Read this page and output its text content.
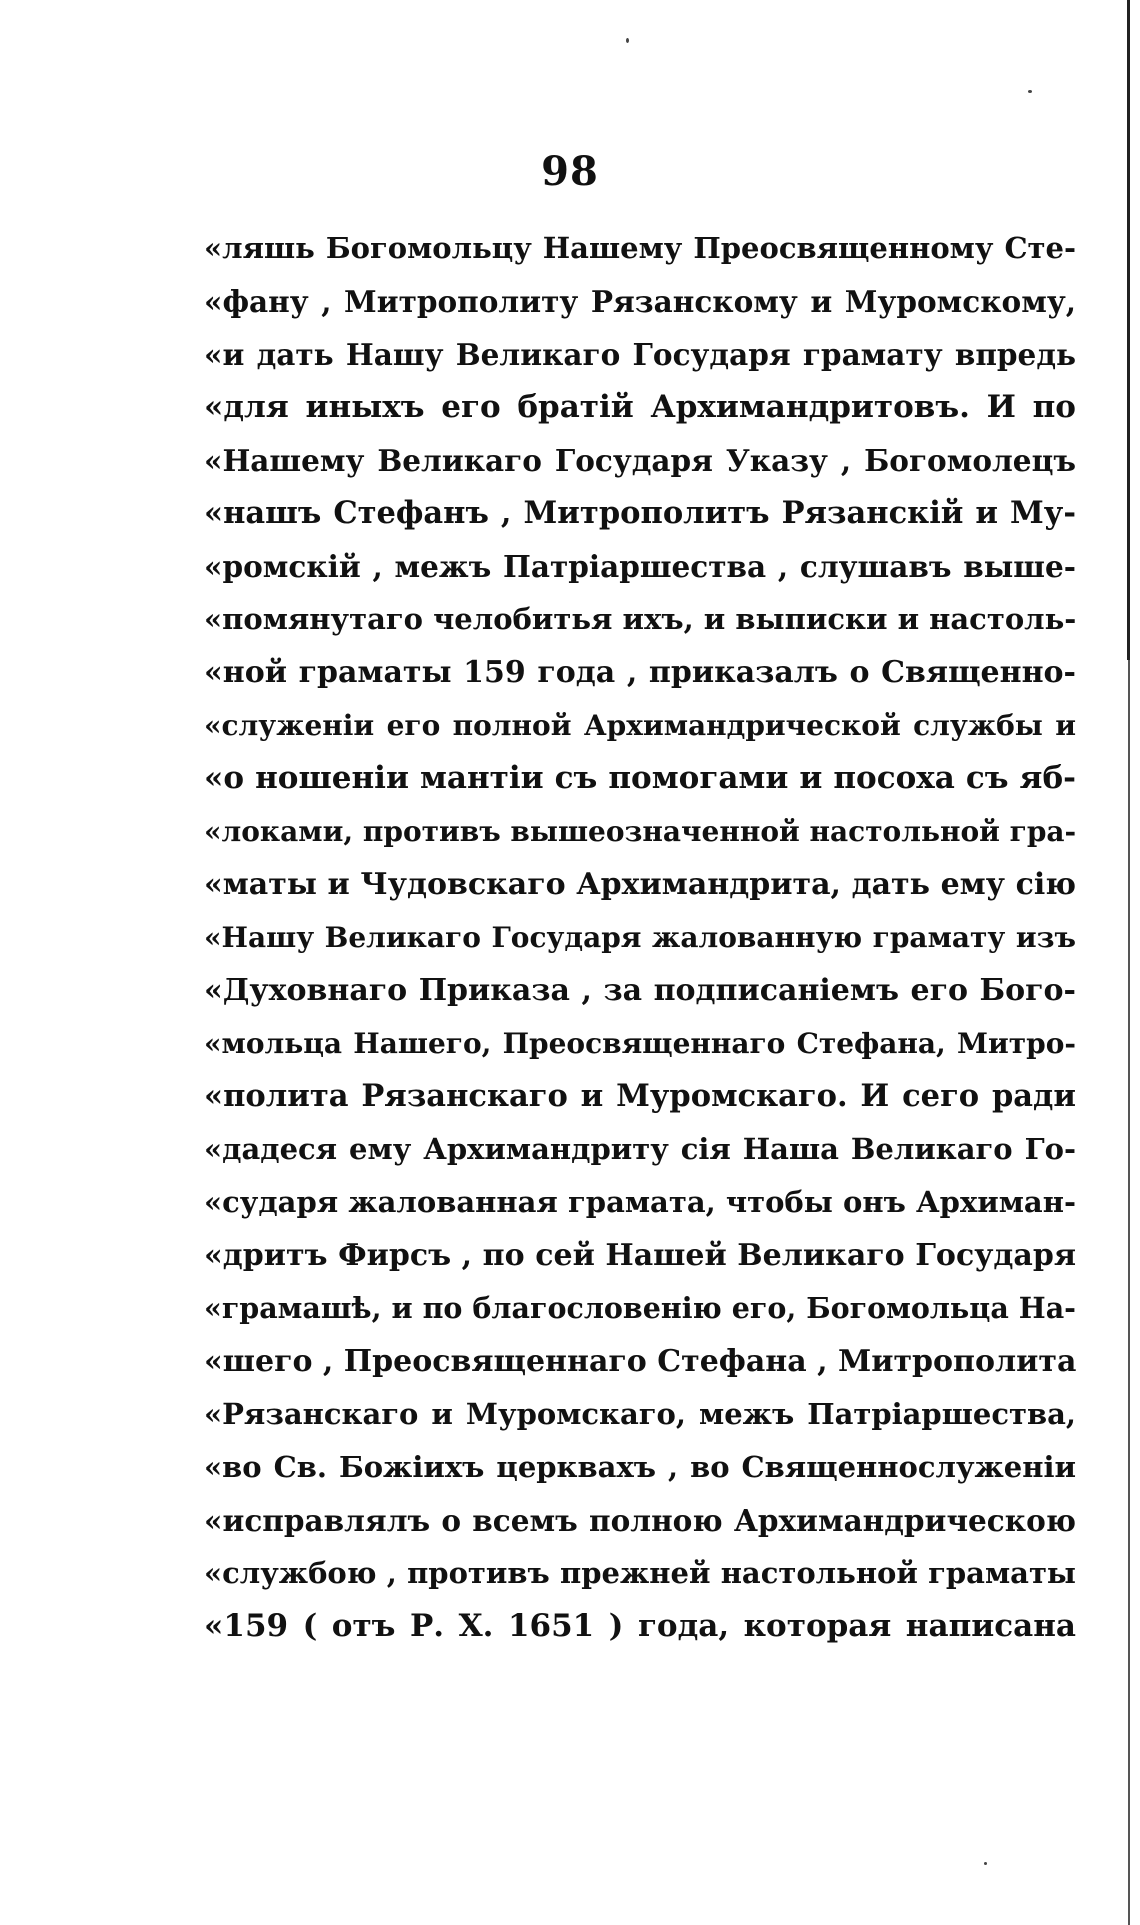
98
«ляшь Богомольцу Нашему Преосвященному Сте-
«фану , Митрополиту Рязанскому и Муромскому,
«и дать Нашу Великаго Государя грамату впредь
«для иныхъ его братій Архимандритовъ. И по
«Нашему Великаго Государя Указу , Богомолецъ
«нашъ Стефанъ , Митрополитъ Рязанскій и Му-
«ромскій , межъ Патріаршества , слушавъ выше-
«помянутаго челобитья ихъ, и выписки и настоль-
«ной граматы 159 года , приказалъ о Священно-
«служеніи его полной Архимандрической службы и
«о ношеніи мантіи съ помогами и посоха съ яб-
«локами, противъ вышеозначенной настольной гра-
«маты и Чудовскаго Архимандрита, дать ему сію
«Нашу Великаго Государя жалованную грамату изъ
«Духовнаго Приказа , за подписаніемъ его Бого-
«мольца Нашего, Преосвященнаго Стефана, Митро-
«полита Рязанскаго и Муромскаго. И сего ради
«дадеся ему Архимандриту сія Наша Великаго Го-
«сударя жалованная грамата, чтобы онъ Архиман-
«дритъ Фирсъ , по сей Нашей Великаго Государя
«грамашѣ, и по благословенію его, Богомольца На-
«шего , Преосвященнаго Стефана , Митрополита
«Рязанскаго и Муромскаго, межъ Патріаршества,
«во Св. Божіихъ церквахъ , во Священнослуженіи
«исправлялъ о всемъ полною Архимандрическою
«службою , противъ прежней настольной граматы
«159 ( отъ Р. Х. 1651 ) года, которая написана
